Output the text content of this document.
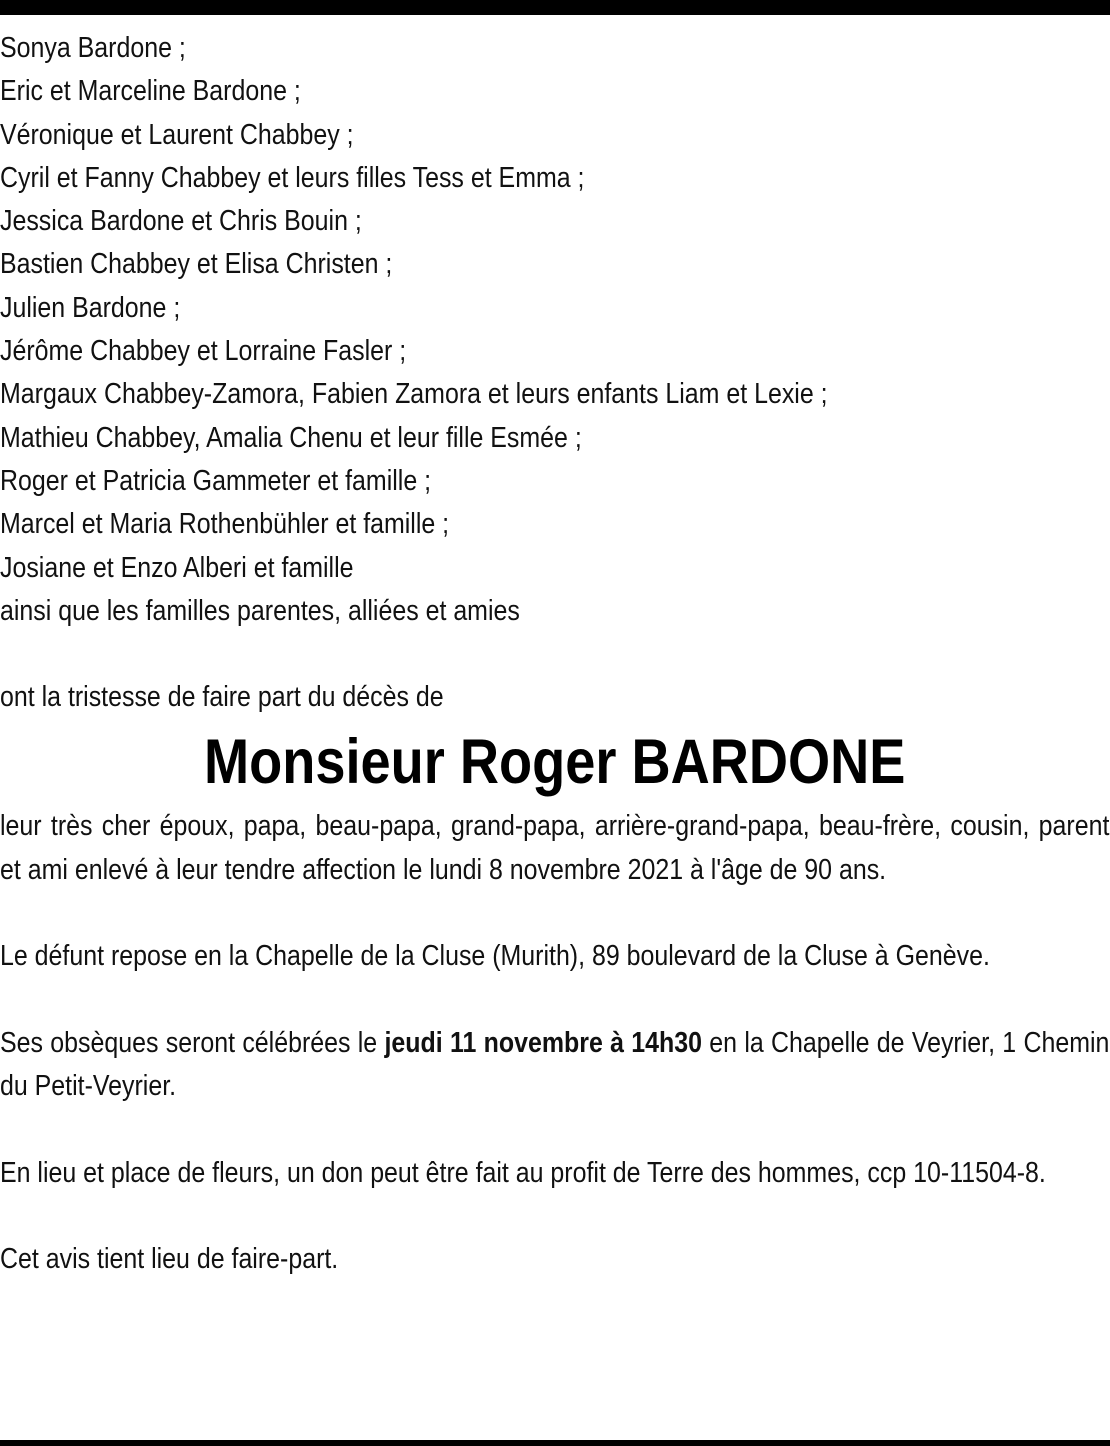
Sonya Bardone ;
Eric et Marceline Bardone ;
Véronique et Laurent Chabbey ;
Cyril et Fanny Chabbey et leurs filles Tess et Emma ;
Jessica Bardone et Chris Bouin ;
Bastien Chabbey et Elisa Christen ;
Julien Bardone ;
Jérôme Chabbey et Lorraine Fasler ;
Margaux Chabbey-Zamora, Fabien Zamora et leurs enfants Liam et Lexie ;
Mathieu Chabbey, Amalia Chenu et leur fille Esmée ;
Roger et Patricia Gammeter et famille ;
Marcel et Maria Rothenbühler et famille ;
Josiane et Enzo Alberi et famille
ainsi que les familles parentes, alliées et amies
ont la tristesse de faire part du décès de
Monsieur Roger BARDONE

leur très cher époux, papa, beau-papa, grand-papa, arrière-grand-papa, beau-frère, cousin, parent et ami enlevé à leur tendre affection le lundi 8 novembre 2021 à l'âge de 90 ans.

Le défunt repose en la Chapelle de la Cluse (Murith), 89 boulevard de la Cluse à Genève.

Ses obsèques seront célébrées le jeudi 11 novembre à 14h30 en la Chapelle de Veyrier, 1 Chemin du Petit-Veyrier.

En lieu et place de fleurs, un don peut être fait au profit de Terre des hommes, ccp 10-11504-8.

Cet avis tient lieu de faire-part.
